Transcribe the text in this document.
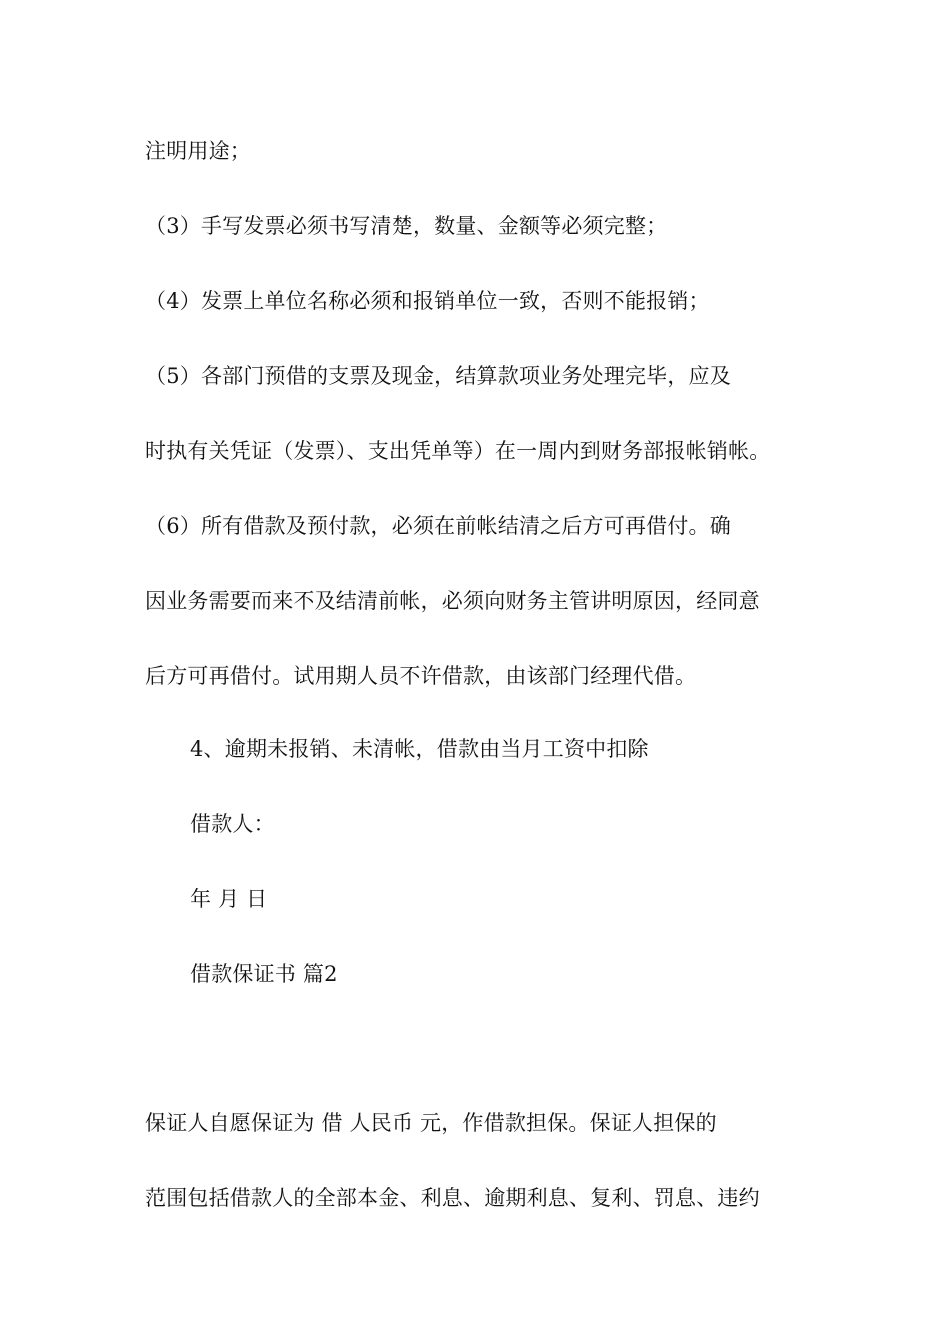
注明用途；
（3）手写发票必须书写清楚，数量、金额等必须完整；
（4）发票上单位名称必须和报销单位一致，否则不能报销；
（5）各部门预借的支票及现金，结算款项业务处理完毕，应及
时执有关凭证（发票）、支出凭单等）在一周内到财务部报帐销帐。
（6）所有借款及预付款，必须在前帐结清之后方可再借付。确
因业务需要而来不及结清前帐，必须向财务主管讲明原因，经同意
后方可再借付。试用期人员不许借款，由该部门经理代借。
4、逾期未报销、未清帐，借款由当月工资中扣除
借款人：
年 月 日
借款保证书 篇2
保证人自愿保证为 借 人民币 元，作借款担保。保证人担保的
范围包括借款人的全部本金、利息、逾期利息、复利、罚息、违约
